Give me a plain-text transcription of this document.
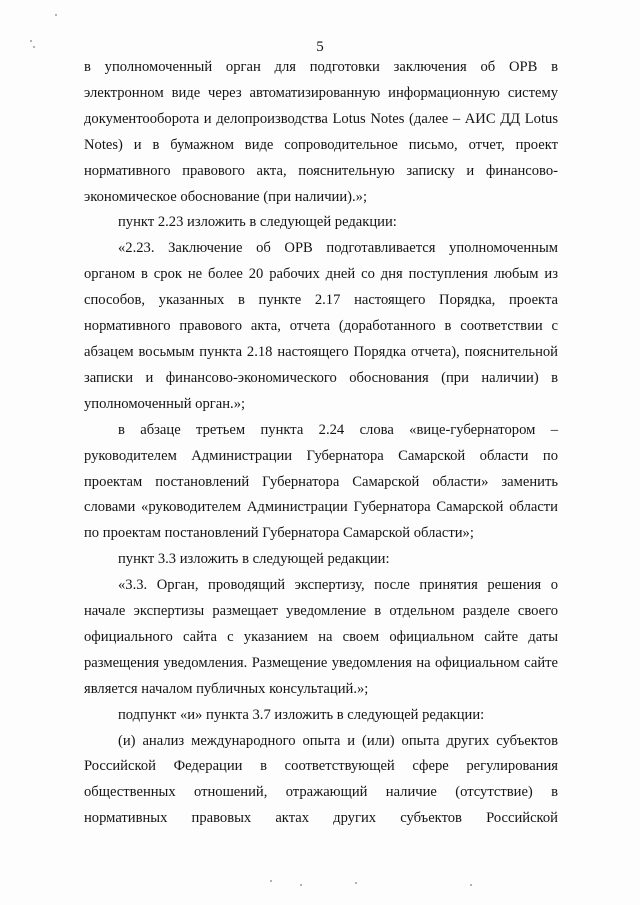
5

в уполномоченный орган для подготовки заключения об ОРВ в
электронном виде через автоматизированную информационную систему
документооборота и делопроизводства Lotus Notes (далее – АИС ДД Lotus
Notes) и в бумажном виде сопроводительное письмо, отчет, проект
нормативного правового акта, пояснительную записку и финансово-
экономическое обоснование (при наличии).»;

пункт 2.23 изложить в следующей редакции:

«2.23. Заключение об ОРВ подготавливается уполномоченным
органом в срок не более 20 рабочих дней со дня поступления любым из
способов, указанных в пункте 2.17 настоящего Порядка, проекта
нормативного правового акта, отчета (доработанного в соответствии с
абзацем восьмым пункта 2.18 настоящего Порядка отчета), пояснительной
записки и финансово-экономического обоснования (при наличии) в
уполномоченный орган.»;

в абзаце третьем пункта 2.24 слова «вице-губернатором –
руководителем Администрации Губернатора Самарской области по
проектам постановлений Губернатора Самарской области» заменить
словами «руководителем Администрации Губернатора Самарской области
по проектам постановлений Губернатора Самарской области»;

пункт 3.3 изложить в следующей редакции:

«3.3. Орган, проводящий экспертизу, после принятия решения о
начале экспертизы размещает уведомление в отдельном разделе своего
официального сайта с указанием на своем официальном сайте даты
размещения уведомления. Размещение уведомления на официальном сайте
является началом публичных консультаций.»;

подпункт «и» пункта 3.7 изложить в следующей редакции:

(и) анализ международного опыта и (или) опыта других субъектов
Российской Федерации в соответствующей сфере регулирования
общественных отношений, отражающий наличие (отсутствие) в
нормативных правовых актах других субъектов Российской
